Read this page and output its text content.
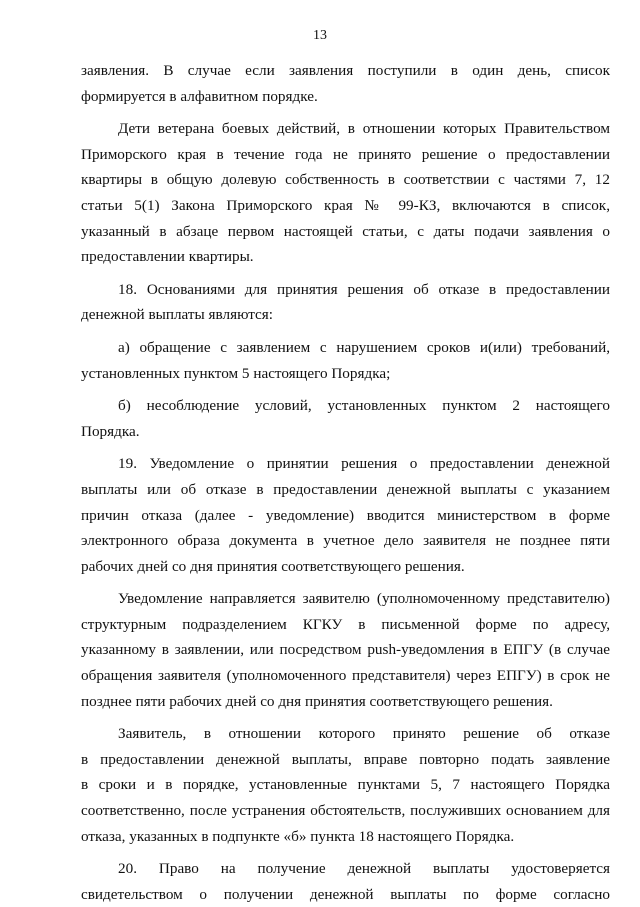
13

заявления. В случае если заявления поступили в один день, список
формируется в алфавитном порядке.

Дети ветерана боевых действий, в отношении которых Правительством
Приморского края в течение года не принято решение о предоставлении
квартиры в общую долевую собственность в соответствии с частями 7, 12
статьи 5(1) Закона Приморского края № 99-КЗ, включаются в список,
указанный в абзаце первом настоящей статьи, с даты подачи заявления о
предоставлении квартиры.

18. Основаниями для принятия решения об отказе в предоставлении
денежной выплаты являются:

а) обращение с заявлением с нарушением сроков и(или) требований,
установленных пунктом 5 настоящего Порядка;

б) несоблюдение условий, установленных пунктом 2 настоящего
Порядка.

19. Уведомление о принятии решения о предоставлении денежной
выплаты или об отказе в предоставлении денежной выплаты с указанием
причин отказа (далее - уведомление) вводится министерством в форме
электронного образа документа в учетное дело заявителя не позднее пяти
рабочих дней со дня принятия соответствующего решения.

Уведомление направляется заявителю (уполномоченному представителю)
структурным подразделением КГКУ в письменной форме по адресу,
указанному в заявлении, или посредством push-уведомления в ЕПГУ (в случае
обращения заявителя (уполномоченного представителя) через ЕПГУ) в срок не
позднее пяти рабочих дней со дня принятия соответствующего решения.

Заявитель, в отношении которого принято решение об отказе
в предоставлении денежной выплаты, вправе повторно подать заявление
в сроки и в порядке, установленные пунктами 5, 7 настоящего Порядка
соответственно, после устранения обстоятельств, послуживших основанием для
отказа, указанных в подпункте «б» пункта 18 настоящего Порядка.

20. Право на получение денежной выплаты удостоверяется
свидетельством о получении денежной выплаты по форме согласно
